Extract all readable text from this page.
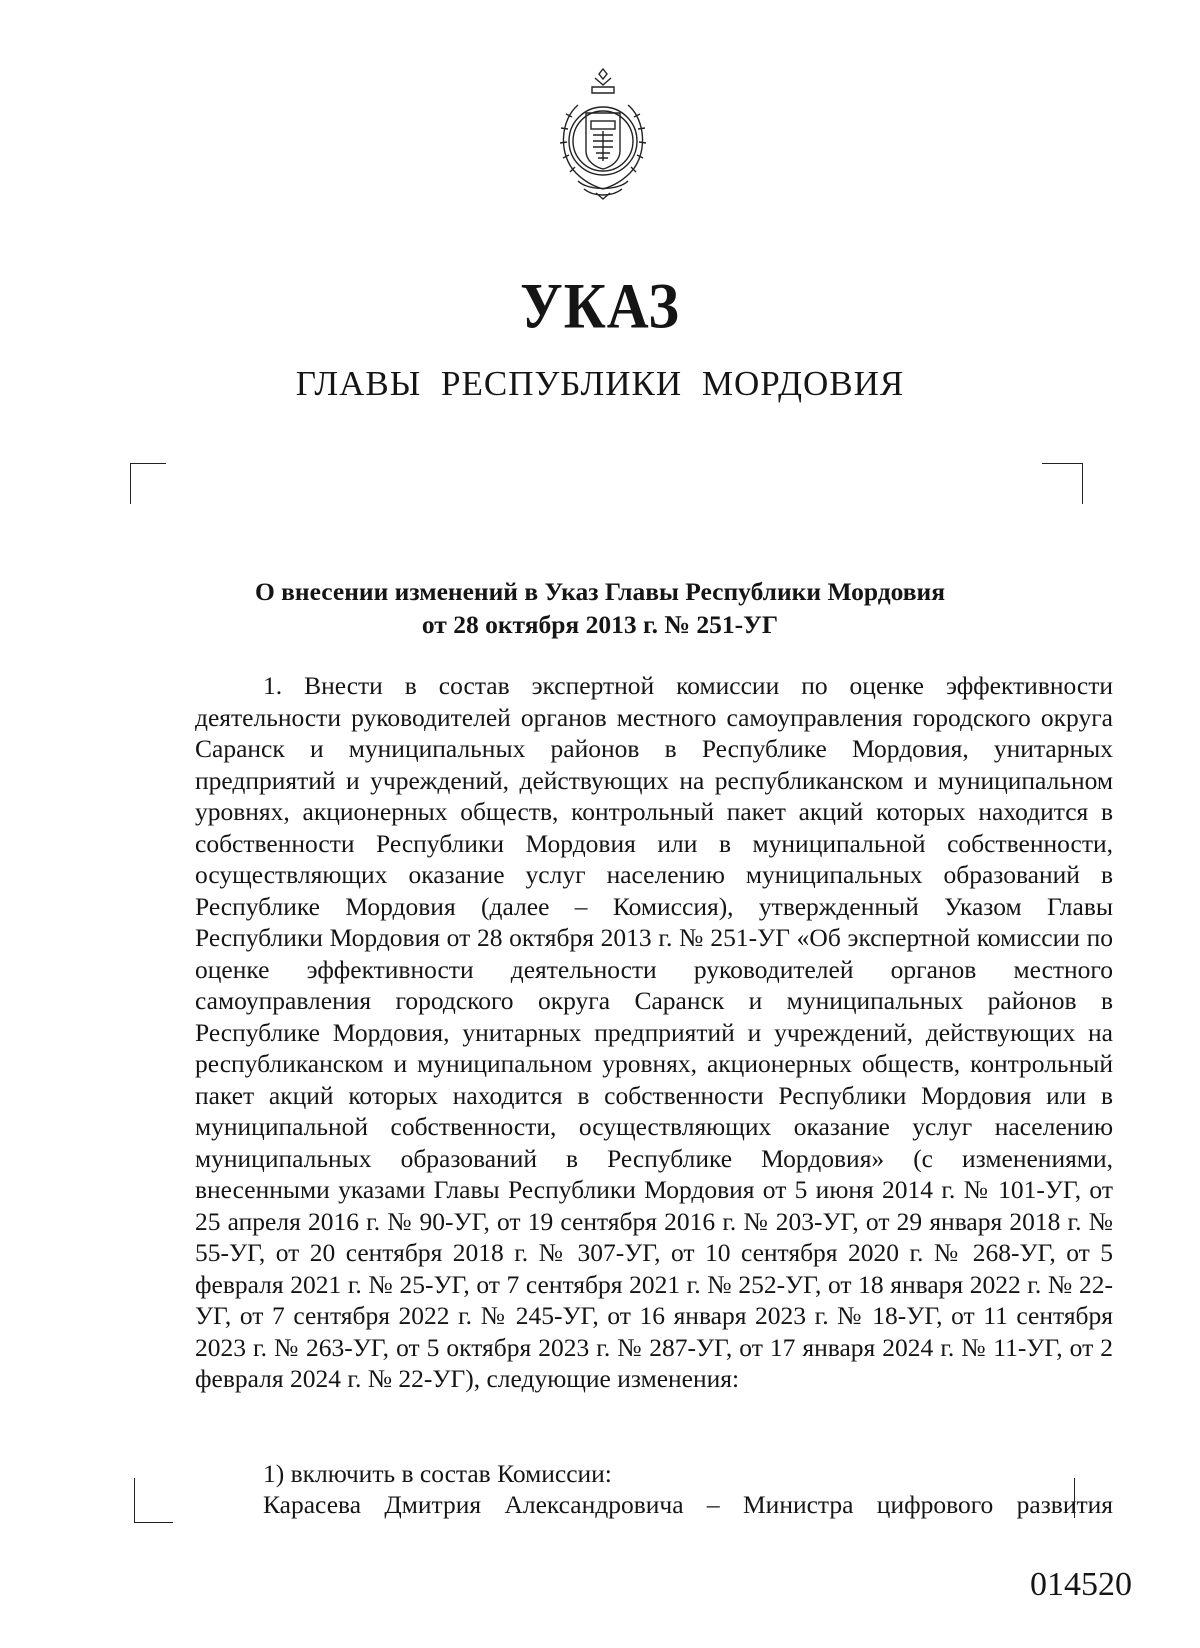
УКАЗ
ГЛАВЫ РЕСПУБЛИКИ МОРДОВИЯ
О внесении изменений в Указ Главы Республики Мордовия
от 28 октября 2013 г. № 251-УГ

1. Внести в состав экспертной комиссии по оценке эффективности деятельности руководителей органов местного самоуправления городского округа Саранск и муниципальных районов в Республике Мордовия, унитарных предприятий и учреждений, действующих на республиканском и муниципальном уровнях, акционерных обществ, контрольный пакет акций которых находится в собственности Республики Мордовия или в муниципальной собственности, осуществляющих оказание услуг населению муниципальных образований в Республике Мордовия (далее – Комиссия), утвержденный Указом Главы Республики Мордовия от 28 октября 2013 г. № 251-УГ «Об экспертной комиссии по оценке эффективности деятельности руководителей органов местного самоуправления городского округа Саранск и муниципальных районов в Республике Мордовия, унитарных предприятий и учреждений, действующих на республиканском и муниципальном уровнях, акционерных обществ, контрольный пакет акций которых находится в собственности Республики Мордовия или в муниципальной собственности, осуществляющих оказание услуг населению муниципальных образований в Республике Мордовия» (с изменениями, внесенными указами Главы Республики Мордовия от 5 июня 2014 г. № 101-УГ, от 25 апреля 2016 г. № 90-УГ, от 19 сентября 2016 г. № 203-УГ, от 29 января 2018 г. № 55-УГ, от 20 сентября 2018 г. № 307-УГ, от 10 сентября 2020 г. № 268-УГ, от 5 февраля 2021 г. № 25-УГ, от 7 сентября 2021 г. № 252-УГ, от 18 января 2022 г. № 22-УГ, от 7 сентября 2022 г. № 245-УГ, от 16 января 2023 г. № 18-УГ, от 11 сентября 2023 г. № 263-УГ, от 5 октября 2023 г. № 287-УГ, от 17 января 2024 г. № 11-УГ, от 2 февраля 2024 г. № 22-УГ), следующие изменения:

1) включить в состав Комиссии:
Карасева Дмитрия Александровича – Министра цифрового развития
014520
